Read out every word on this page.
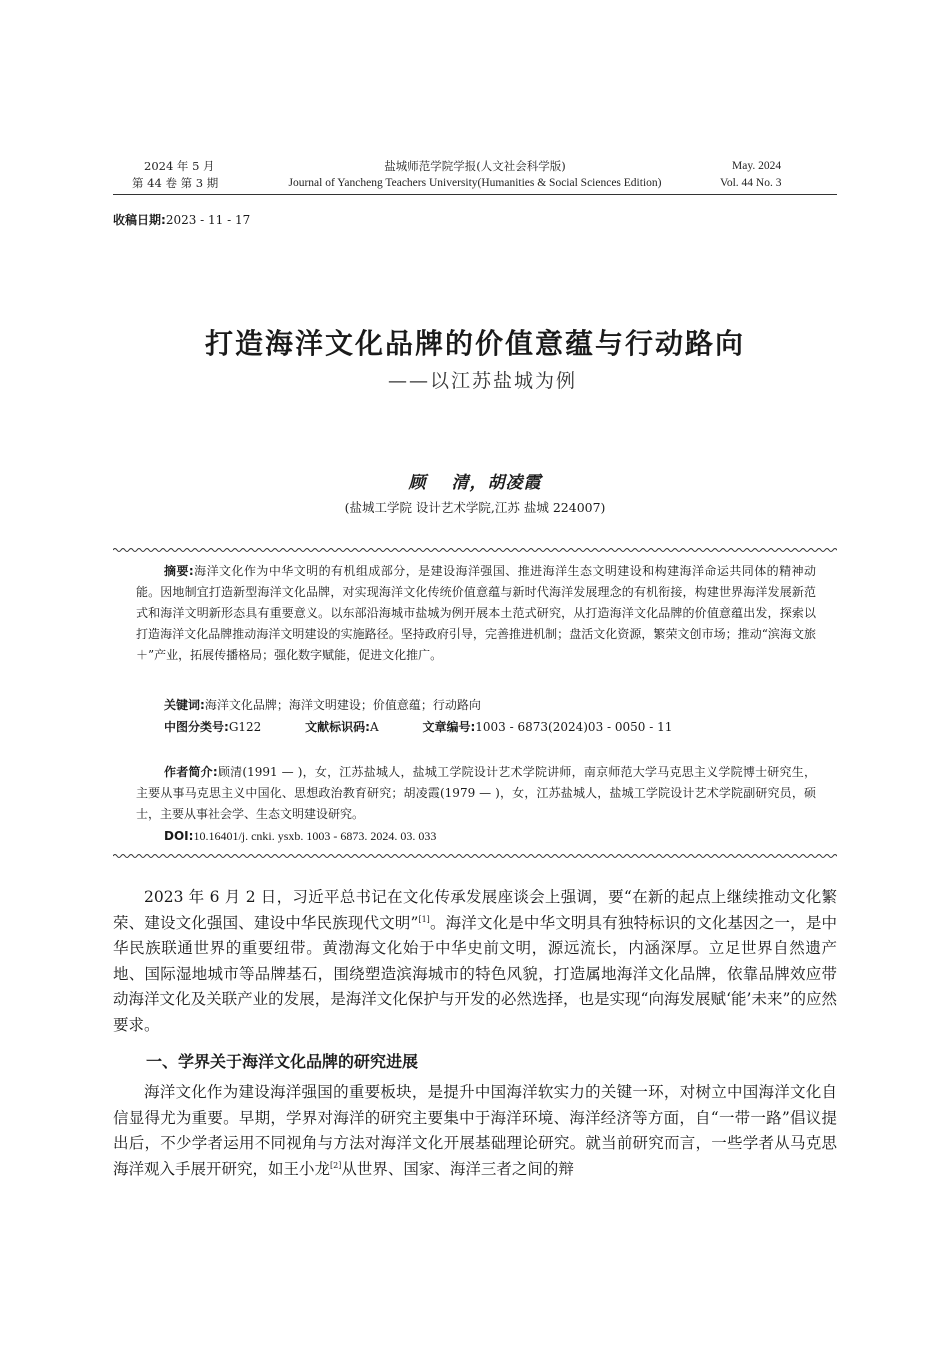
2024 年 5 月
第 44 卷 第 3 期
盐城师范学院学报(人文社会科学版)
Journal of Yancheng Teachers University(Humanities & Social Sciences Edition)
May. 2024
Vol. 44 No. 3
收稿日期:2023 - 11 - 17
打造海洋文化品牌的价值意蕴与行动路向
——以江苏盐城为例
顾　 清，胡凌霞
(盐城工学院 设计艺术学院,江苏 盐城 224007)
摘要:海洋文化作为中华文明的有机组成部分，是建设海洋强国、推进海洋生态文明建设和构建海洋命运共同体的精神动能。因地制宜打造新型海洋文化品牌，对实现海洋文化传统价值意蕴与新时代海洋发展理念的有机衔接，构建世界海洋发展新范式和海洋文明新形态具有重要意义。以东部沿海城市盐城为例开展本土范式研究，从打造海洋文化品牌的价值意蕴出发，探索以打造海洋文化品牌推动海洋文明建设的实施路径。坚持政府引导，完善推进机制；盘活文化资源，繁荣文创市场；推动“滨海文旅＋”产业，拓展传播格局；强化数字赋能，促进文化推广。
关键词:海洋文化品牌；海洋文明建设；价值意蕴；行动路向
中图分类号:G122	文献标识码:A	文章编号:1003 - 6873(2024)03 - 0050 - 11
作者简介:顾清(1991 — )，女，江苏盐城人，盐城工学院设计艺术学院讲师，南京师范大学马克思主义学院博士研究生，主要从事马克思主义中国化、思想政治教育研究；胡凌霞(1979 — )，女，江苏盐城人，盐城工学院设计艺术学院副研究员，硕士，主要从事社会学、生态文明建设研究。
DOI:10.16401/j. cnki. ysxb. 1003 - 6873. 2024. 03. 033
2023 年 6 月 2 日，习近平总书记在文化传承发展座谈会上强调，要“在新的起点上继续推动文化繁荣、建设文化强国、建设中华民族现代文明”[1]。海洋文化是中华文明具有独特标识的文化基因之一，是中华民族联通世界的重要纽带。黄渤海文化始于中华史前文明，源远流长，内涵深厚。立足世界自然遗产地、国际湿地城市等品牌基石，围绕塑造滨海城市的特色风貌，打造属地海洋文化品牌，依靠品牌效应带动海洋文化及关联产业的发展，是海洋文化保护与开发的必然选择，也是实现“向海发展赋‘能’未来”的应然要求。
一、学界关于海洋文化品牌的研究进展
海洋文化作为建设海洋强国的重要板块，是提升中国海洋软实力的关键一环，对树立中国海洋文化自信显得尤为重要。早期，学界对海洋的研究主要集中于海洋环境、海洋经济等方面，自“一带一路”倡议提出后，不少学者运用不同视角与方法对海洋文化开展基础理论研究。就当前研究而言，一些学者从马克思海洋观入手展开研究，如王小龙[2]从世界、国家、海洋三者之间的辩
